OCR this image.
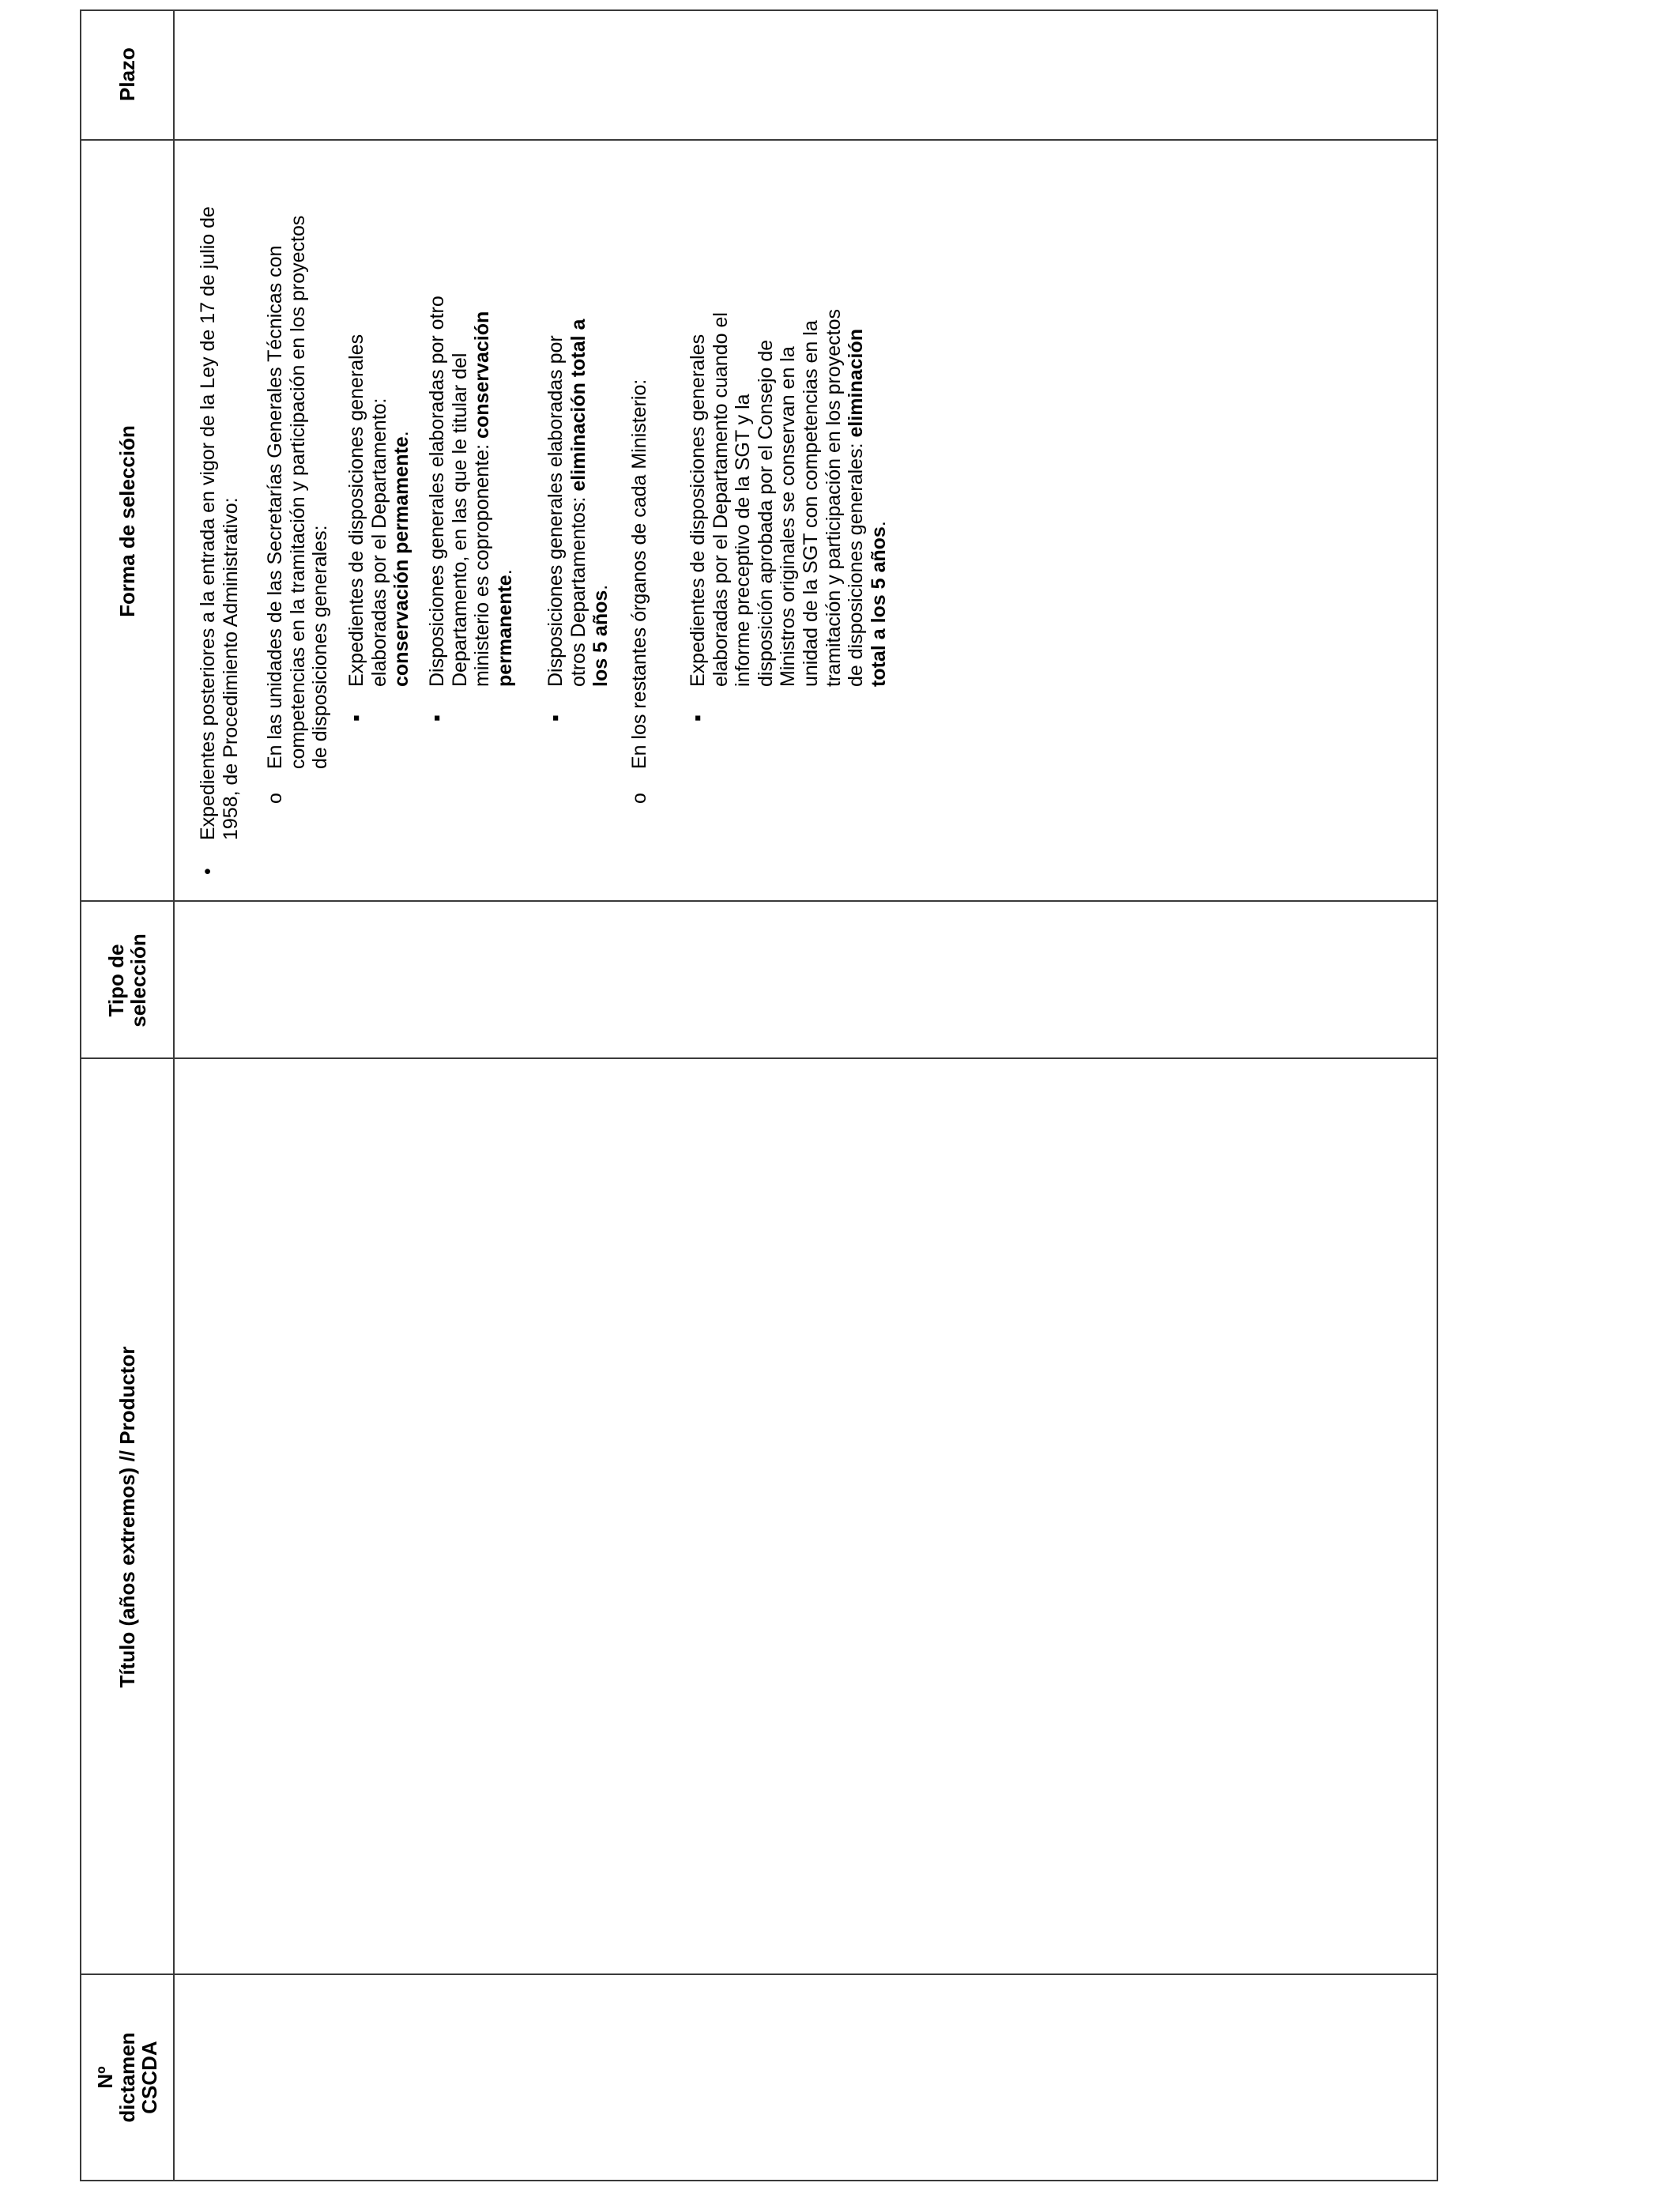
Nº
dictamen
CSCDA
Título (años extremos) // Productor
Tipo de
selección
Forma de selección
Plazo
•
Expedientes posteriores a la entrada en vigor de la Ley de 17 de julio de 1958, de Procedimiento Administrativo: o
En las unidades de las Secretarías Generales Técnicas con competencias en la tramitación y participación en los proyectos de disposiciones generales: ▪
Expedientes de disposiciones generales elaboradas por el Departamento: conservación permamente.
▪
Disposiciones generales elaboradas por otro Departamento, en las que le titular del ministerio es coproponente: conservación permanente.
▪
Disposiciones generales elaboradas por otros Departamentos: eliminación total a los 5 años.
o
En los restantes órganos de cada Ministerio: ▪
Expedientes de disposiciones generales elaboradas por el Departamento cuando el informe preceptivo de la SGT y la disposición aprobada por el Consejo de Ministros originales se conservan en la unidad de la SGT con competencias en la tramitación y participación en los proyectos de disposiciones generales: eliminación total a los 5 años.
